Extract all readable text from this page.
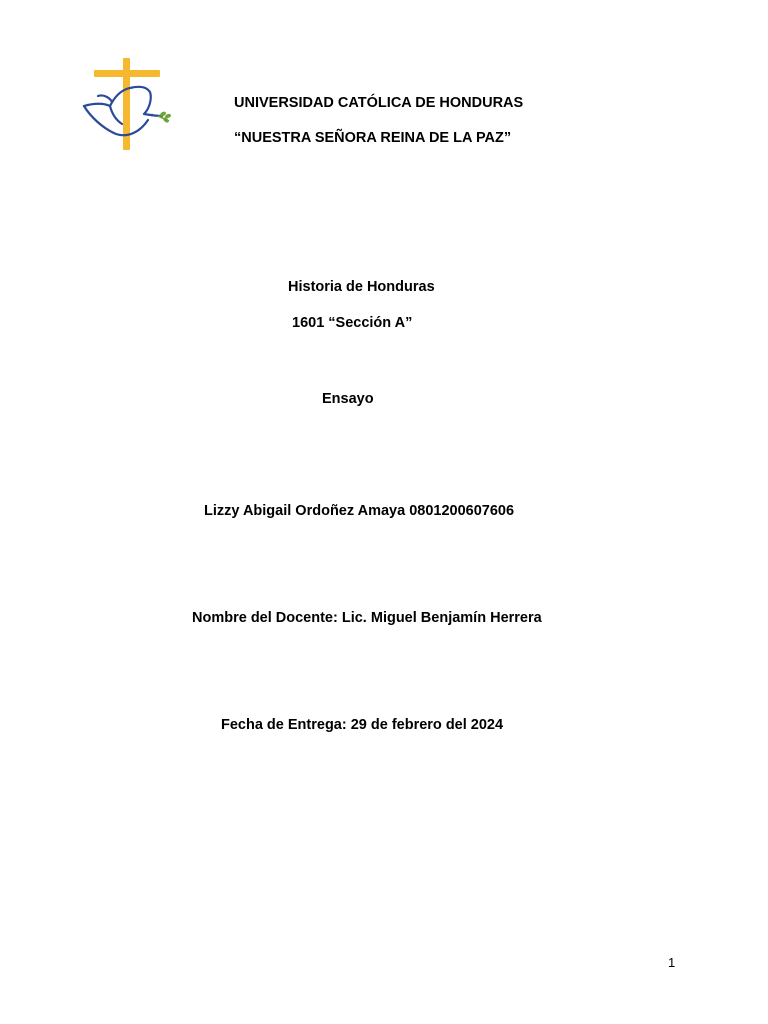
UNIVERSIDAD CATÓLICA DE HONDURAS

“NUESTRA SEÑORA REINA DE LA PAZ”

Historia de Honduras

1601 “Sección A”

Ensayo

Lizzy Abigail Ordoñez Amaya 0801200607606

Nombre del Docente: Lic. Miguel Benjamín Herrera

Fecha de Entrega: 29 de febrero del 2024

1
